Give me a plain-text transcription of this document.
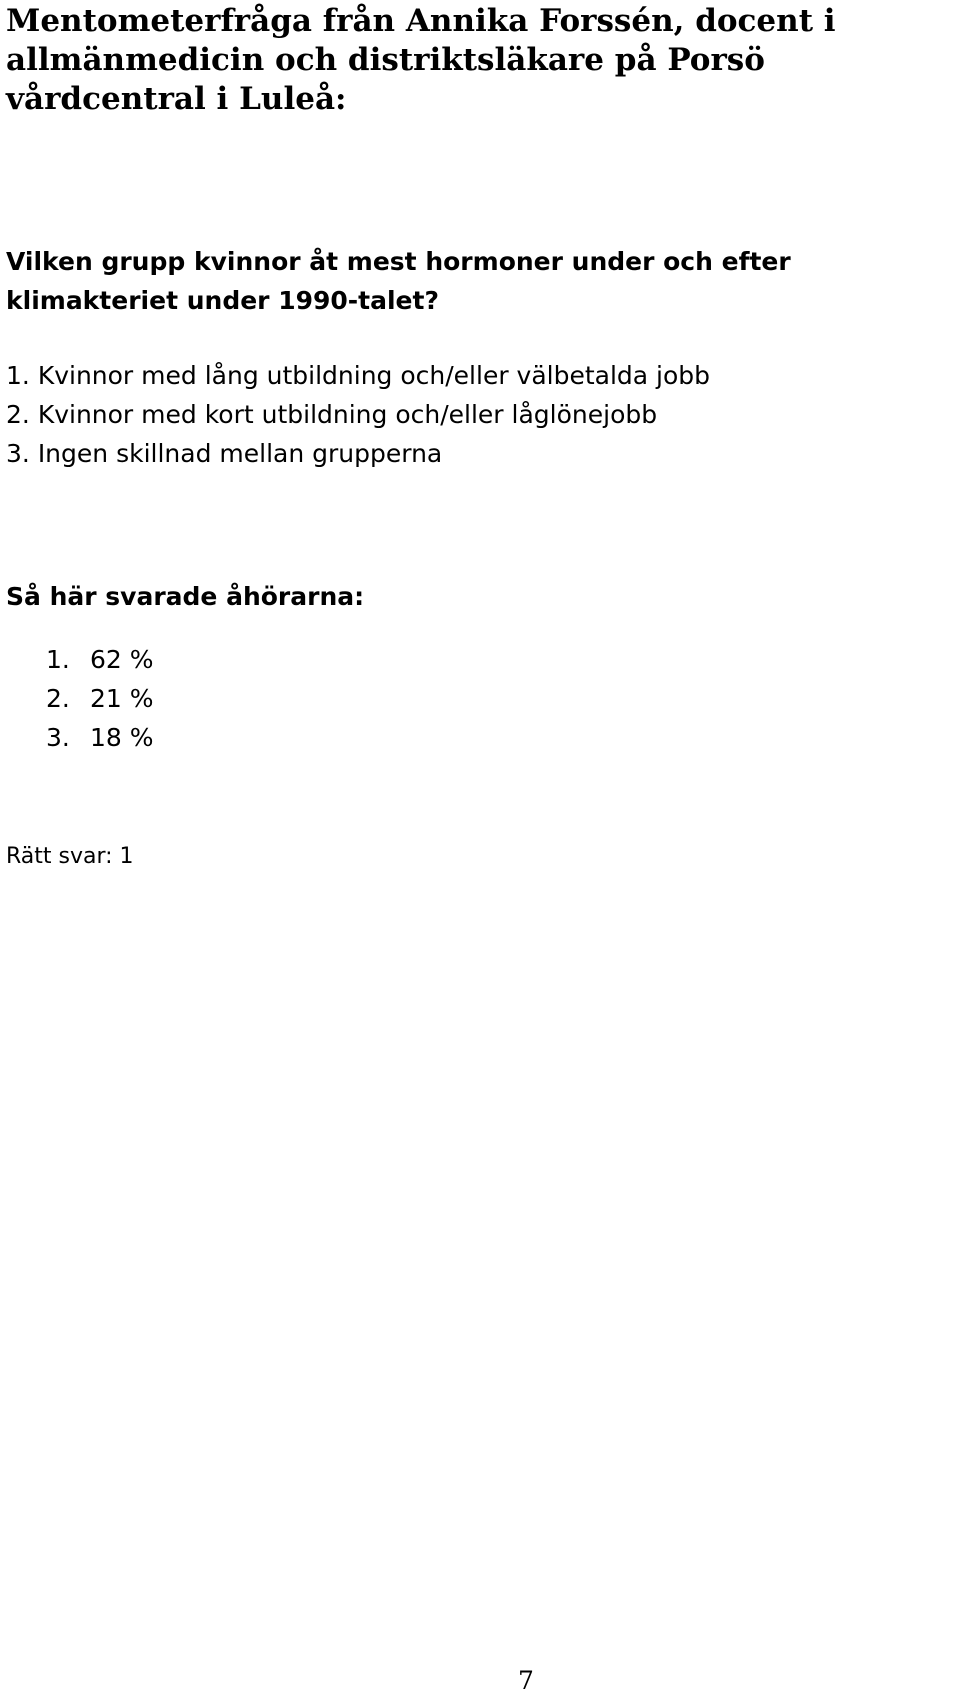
Mentometerfråga från Annika Forssén, docent i allmänmedicin och distriktsläkare på Porsö vårdcentral i Luleå:

Vilken grupp kvinnor åt mest hormoner under och efter klimakteriet under 1990-talet?

1. Kvinnor med lång utbildning och/eller välbetalda jobb
2. Kvinnor med kort utbildning och/eller låglönejobb
3. Ingen skillnad mellan grupperna

Så här svarade åhörarna:

1. 62 %
2. 21 %
3. 18 %

Rätt svar: 1

7
